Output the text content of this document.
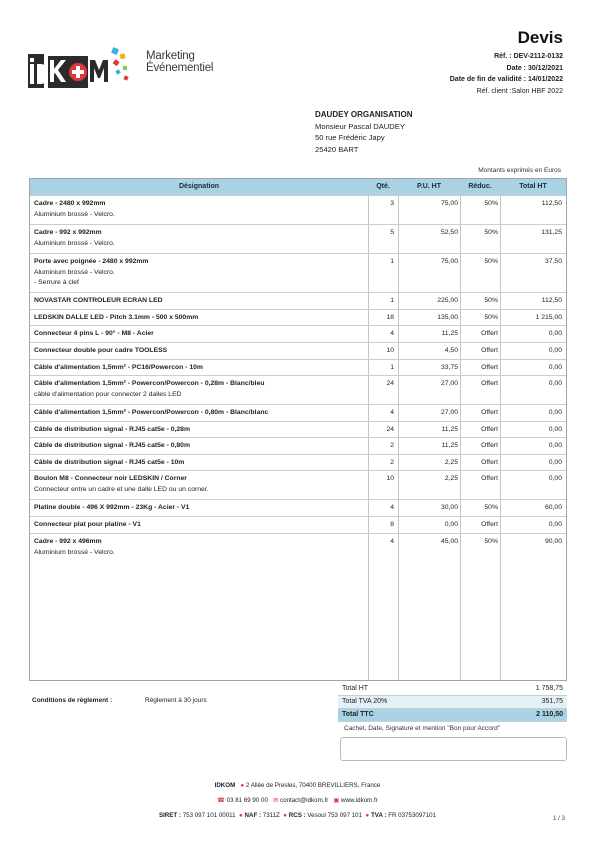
Marketing
Événementiel
Devis
Réf. : DEV-2112-0132
Date : 30/12/2021
Date de fin de validité : 14/01/2022
Réf. client :Salon HBF 2022
DAUDEY ORGANISATION
Monsieur Pascal DAUDEY
50 rue Frédéric Japy
25420 BART
Montants exprimés en Euros
Désignation	Qté.	P.U. HT	Réduc.	Total HT
Cadre - 2480 x 992mm
Aluminium brossé - Velcro.
3	75,00	50%	112,50
Cadre - 992 x 992mm
Aluminium brossé - Velcro.
5	52,50	50%	131,25
Porte avec poignée - 2480 x 992mm
Aluminium brossé - Velcro.
- Serrure à clef
1	75,00	50%	37,50
NOVASTAR CONTROLEUR ECRAN LED	1	225,00	50%	112,50
LEDSKIN DALLE LED - Pitch 3.1mm - 500 x 500mm	18	135,00	50%	1 215,00
Connecteur 4 pins L - 90° - M8 - Acier	4	11,25	Offert	0,00
Connecteur double pour cadre TOOLESS	10	4,50	Offert	0,00
Câble d'alimentation 1,5mm² - PC16/Powercon - 10m	1	33,75	Offert	0,00
Câble d'alimentation 1,5mm² - Powercon/Powercon - 0,28m - Blanc/bleu
câble d'alimentation pour connecter 2 dalles LED
24	27,00	Offert	0,00
Câble d'alimentation 1,5mm² - Powercon/Powercon - 0,80m - Blanc/blanc	4	27,00	Offert	0,00
Câble de distribution signal - RJ45 cat5e - 0,28m	24	11,25	Offert	0,00
Câble de distribution signal - RJ45 cat5e - 0,80m	2	11,25	Offert	0,00
Câble de distribution signal - RJ45 cat5e - 10m	2	2,25	Offert	0,00
Boulon M8 - Connecteur noir LEDSKIN / Corner
Connecteur entre un cadre et une dalle LED ou un corner.
10	2,25	Offert	0,00
Platine double - 496 X 992mm - 23Kg - Acier - V1	4	30,00	50%	60,00
Connecteur plat pour platine - V1	8	0,00	Offert	0,00
Cadre - 992 x 496mm
Aluminium brossé - Velcro.
4	45,00	50%	90,00
Conditions de règlement :	Règlement à 30 jours
Total HT	1 758,75
Total TVA 20%	351,75
Total TTC	2 110,50
Cachet, Date, Signature et mention "Bon pour Accord"
IDKOM ● 2 Allée de Presles, 70400 BREVILLIERS, France
☎ 03 81 69 90 00 ✉ contact@idkom.fr ▣ www.idkom.fr
SIRET : 753 097 101 00011 ● NAF : 7311Z ● RCS : Vesoul 753 097 101 ● TVA : FR 03753097101	1 / 3
